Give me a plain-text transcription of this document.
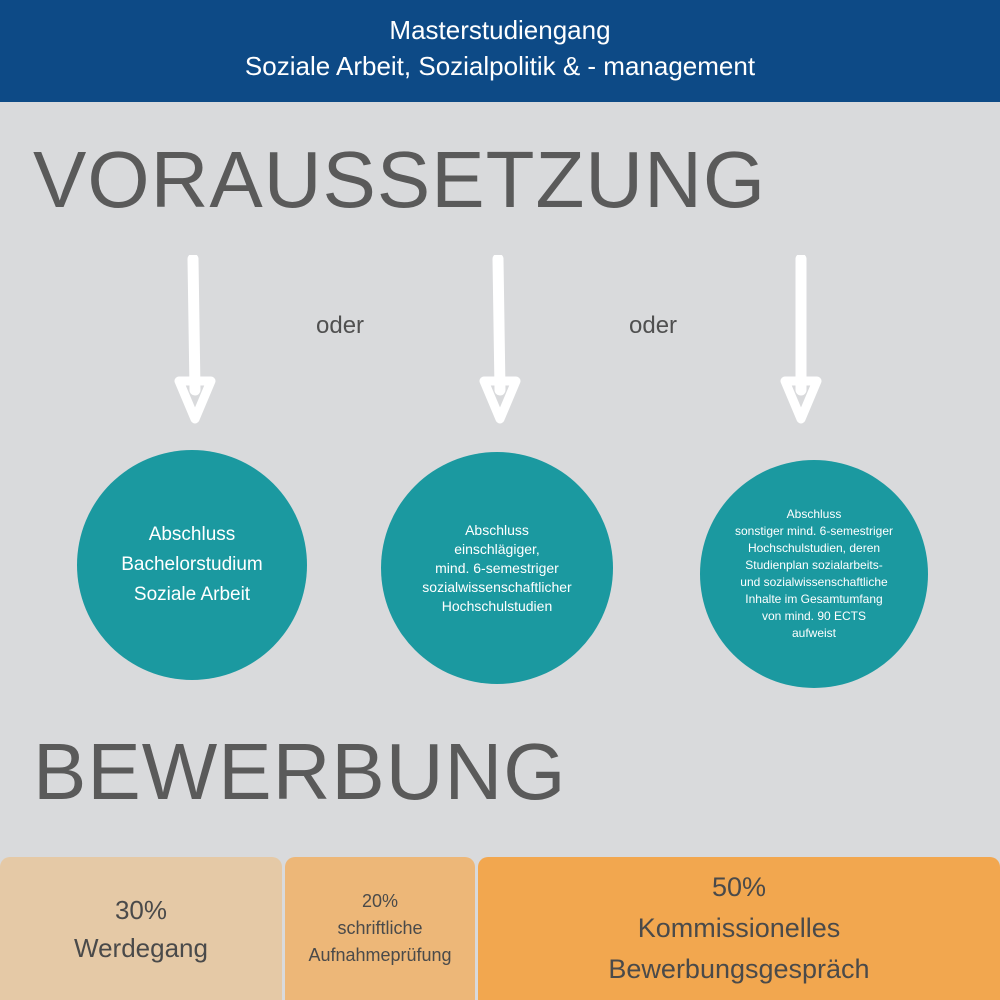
Masterstudiengang
Soziale Arbeit, Sozialpolitik & - management
VORAUSSETZUNG
oder	oder
Abschluss
Bachelorstudium
Soziale Arbeit
Abschluss
einschlägiger,
mind. 6-semestriger
sozialwissenschaftlicher
Hochschulstudien
Abschluss
sonstiger mind. 6-semestriger
Hochschulstudien, deren
Studienplan sozialarbeits-
und sozialwissenschaftliche
Inhalte im Gesamtumfang
von mind. 90 ECTS
aufweist
BEWERBUNG
30%
Werdegang
20%
schriftliche
Aufnahmeprüfung
50%
Kommissionelles
Bewerbungsgespräch
